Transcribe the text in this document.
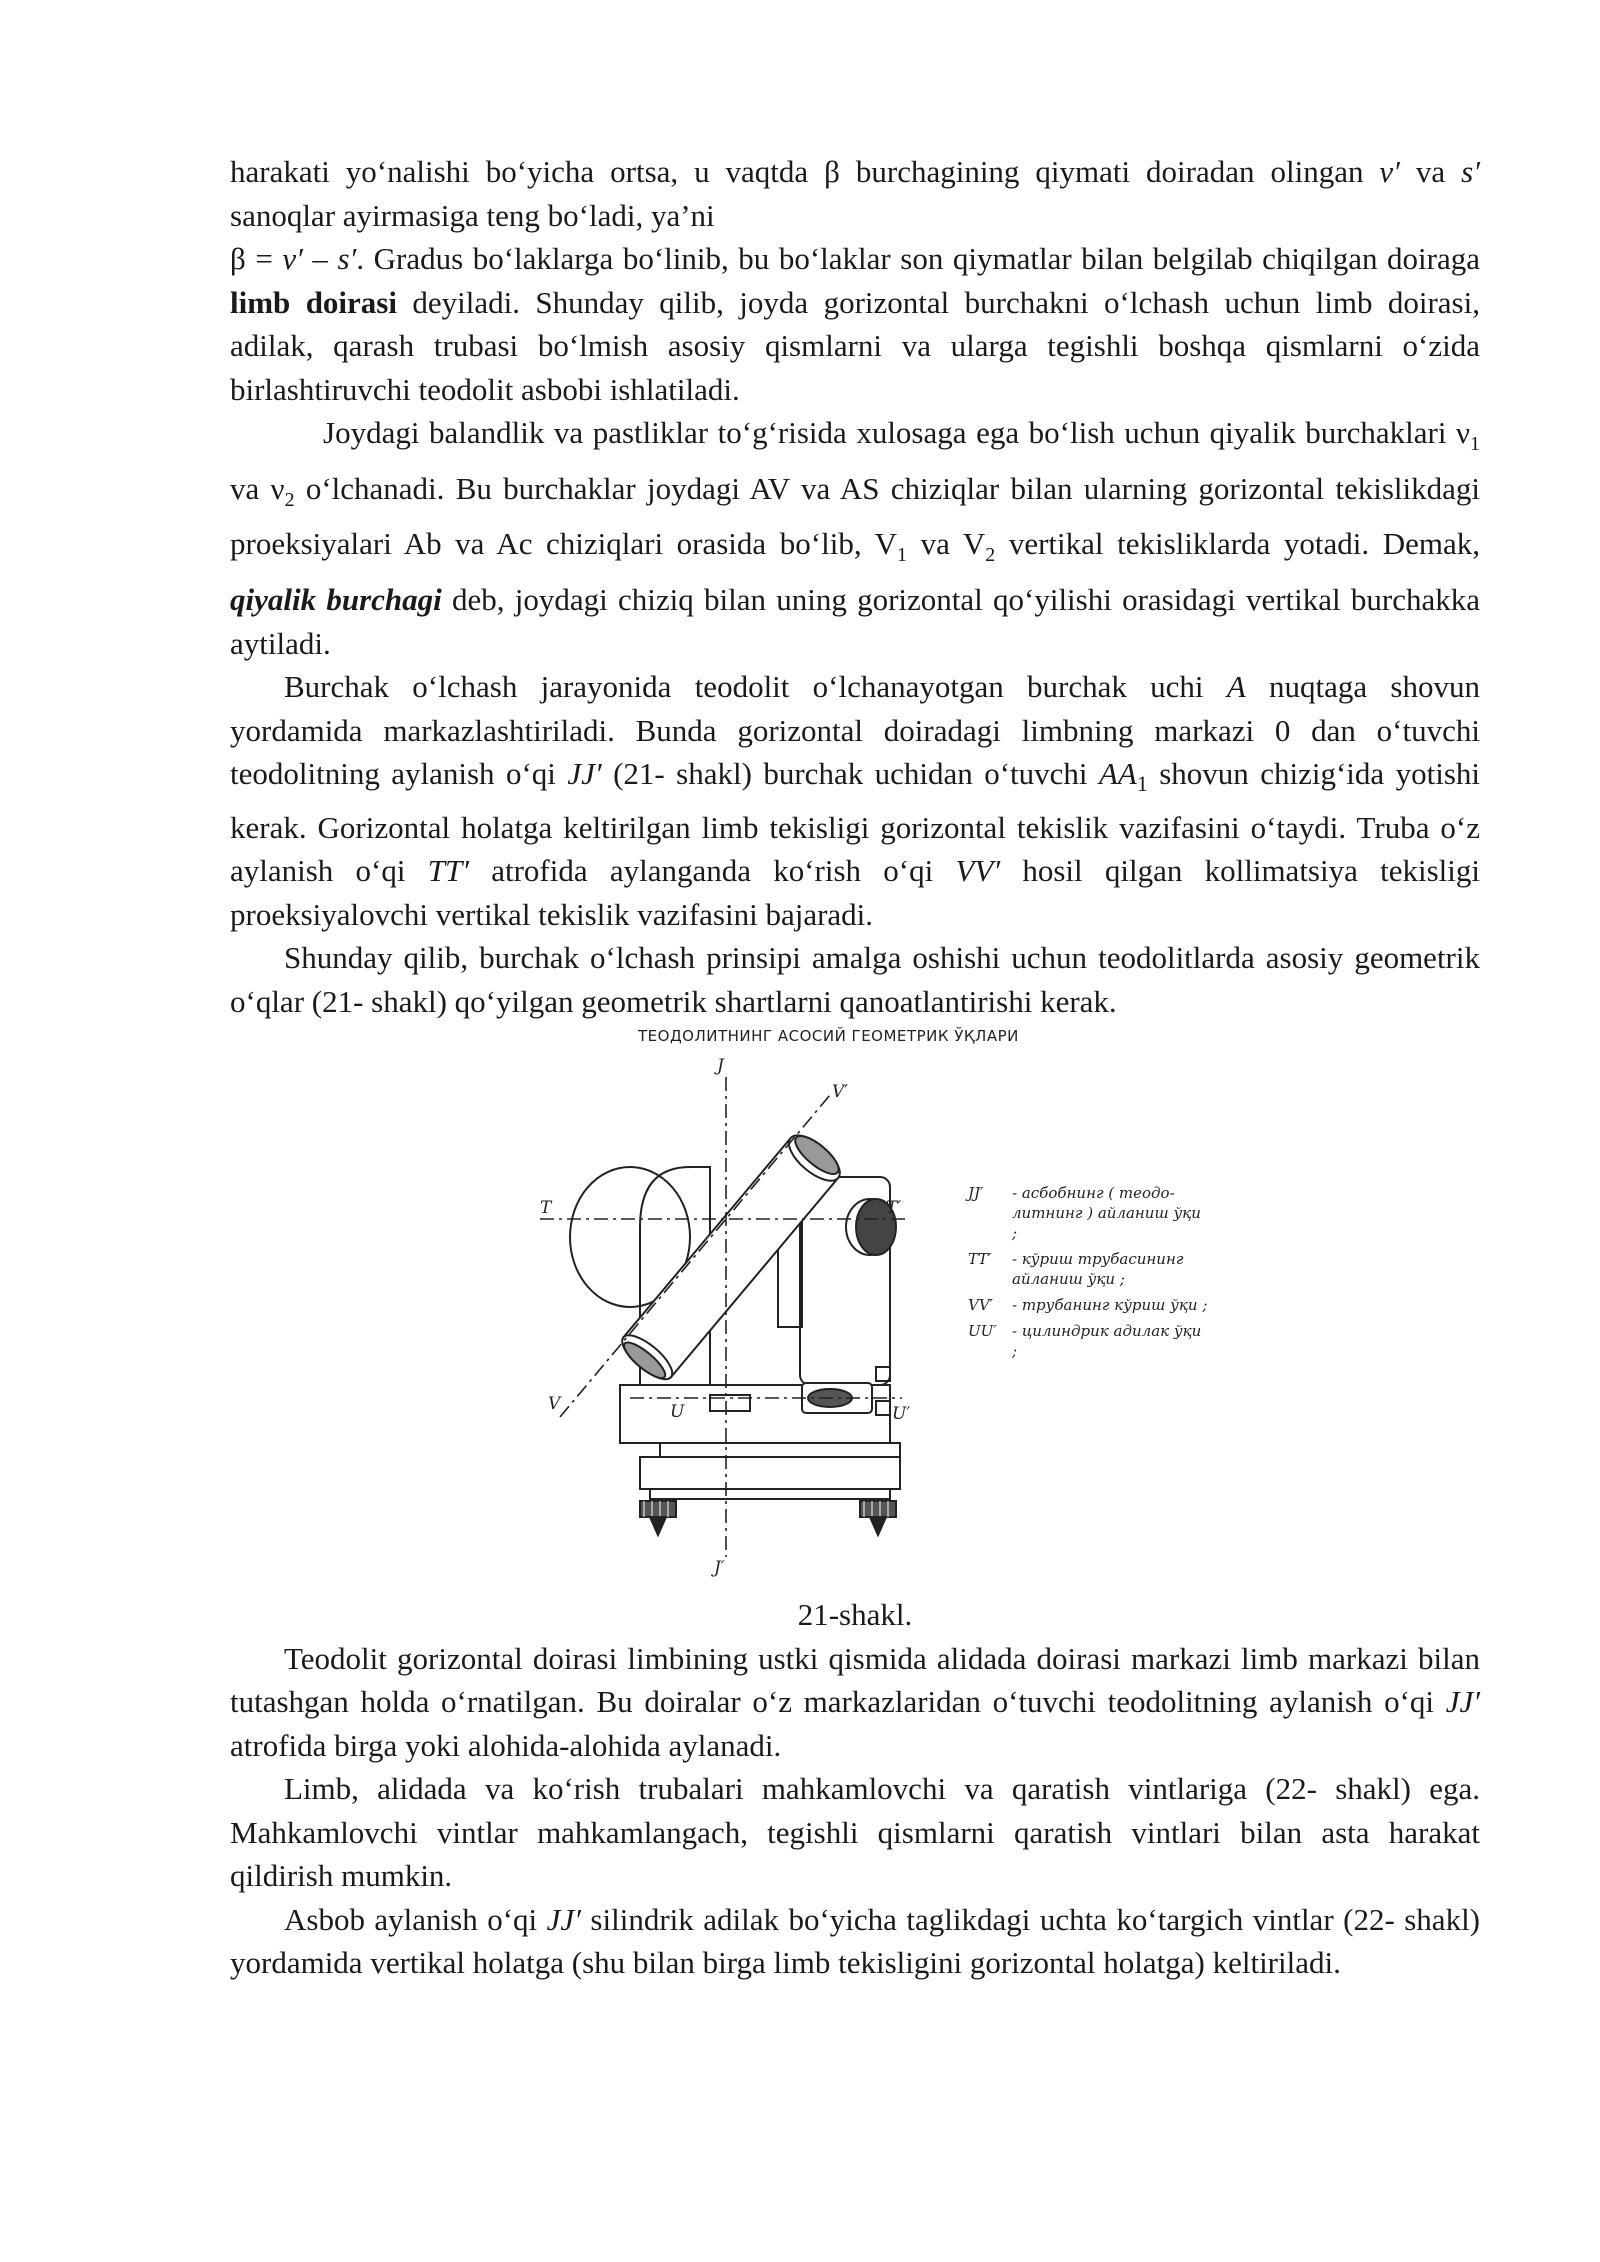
harakati yo‘nalishi bo‘yicha ortsa, u vaqtda β burchagining qiymati doiradan olingan v′ va s′ sanoqlar ayirmasiga teng bo‘ladi, ya’ni

β = v′ – s′. Gradus bo‘laklarga bo‘linib, bu bo‘laklar son qiymatlar bilan belgilab chiqilgan doiraga limb doirasi deyiladi. Shunday qilib, joyda gorizontal burchakni o‘lchash uchun limb doirasi, adilak, qarash trubasi bo‘lmish asosiy qismlarni va ularga tegishli boshqa qismlarni o‘zida birlashtiruvchi teodolit asbobi ishlatiladi.

Joydagi balandlik va pastliklar to‘g‘risida xulosaga ega bo‘lish uchun qiyalik burchaklari $\nu_1$ va $\nu_2$ o‘lchanadi. Bu burchaklar joydagi AV va AS chiziqlar bilan ularning gorizontal tekislikdagi proeksiyalari Ab va Ac chiziqlari orasida bo‘lib, $V_1$ va $V_2$ vertikal tekisliklarda yotadi. Demak, qiyalik burchagi deb, joydagi chiziq bilan uning gorizontal qo‘yilishi orasidagi vertikal burchakka aytiladi.

Burchak o‘lchash jarayonida teodolit o‘lchanayotgan burchak uchi A nuqtaga shovun yordamida markazlashtiriladi. Bunda gorizontal doiradagi limbning markazi 0 dan o‘tuvchi teodolitning aylanish o‘qi JJ′ (21- shakl) burchak uchidan o‘tuvchi $AA_1$ shovun chizig‘ida yotishi kerak. Gorizontal holatga keltirilgan limb tekisligi gorizontal tekislik vazifasini o‘taydi. Truba o‘z aylanish o‘qi TT′ atrofida aylanganda ko‘rish o‘qi VV′ hosil qilgan kollimatsiya tekisligi proeksiyalovchi vertikal tekislik vazifasini bajaradi.

Shunday qilib, burchak o‘lchash prinsipi amalga oshishi uchun teodolitlarda asosiy geometrik o‘qlar (21- shakl) qo‘yilgan geometrik shartlarni qanoatlantirishi kerak.

ТЕОДОЛИТНИНГ АСОСИЙ ГЕОМЕТРИК ЎҚЛАРИ
Ј
Ј′
Т	Т′
V′
V	U	U′
ЈЈ′	- асбобнинг ( теодо-литнинг ) айланиш ўқи ;
ТТ′	- кўриш трубасининг айланиш ўқи ;
VV′	- трубанинг кўриш ўқи ;
UU′	- цилиндрик адилак ўқи ;
21-shakl.

Teodolit gorizontal doirasi limbining ustki qismida alidada doirasi markazi limb markazi bilan tutashgan holda o‘rnatilgan. Bu doiralar o‘z markazlaridan o‘tuvchi teodolitning aylanish o‘qi JJ′ atrofida birga yoki alohida-alohida aylanadi.

Limb, alidada va ko‘rish trubalari mahkamlovchi va qaratish vintlariga (22- shakl) ega. Mahkamlovchi vintlar mahkamlangach, tegishli qismlarni qaratish vintlari bilan asta harakat qildirish mumkin.

Asbob aylanish o‘qi JJ′ silindrik adilak bo‘yicha taglikdagi uchta ko‘targich vintlar (22- shakl) yordamida vertikal holatga (shu bilan birga limb tekisligini gorizontal holatga) keltiriladi.
